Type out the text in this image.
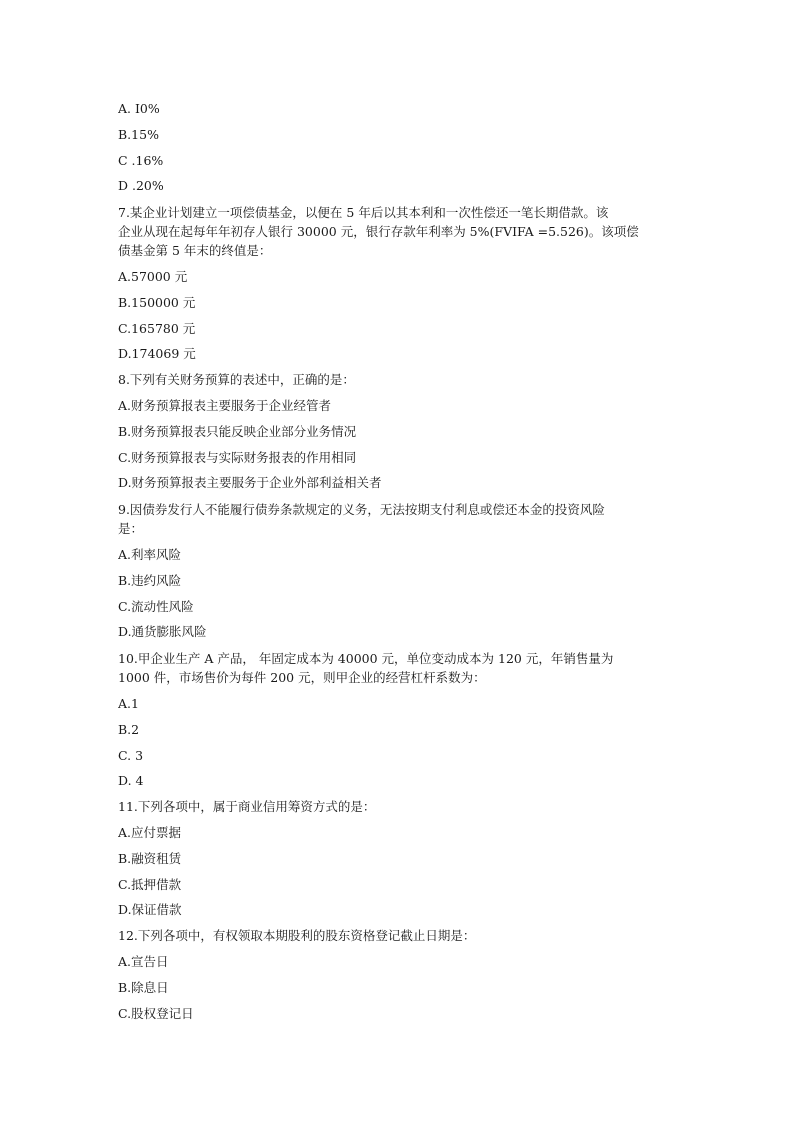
A. I0%
B.15%
C .16%
D .20%
7.某企业计划建立一项偿债基金，以便在 5 年后以其本利和一次性偿还一笔长期借款。该
企业从现在起每年年初存人银行 30000 元，银行存款年利率为 5%(FVIFA =5.526)。该项偿
债基金第 5 年末的终值是：
A.57000 元
B.150000 元
C.165780 元
D.174069 元
8.下列有关财务预算的表述中，正确的是：
A.财务预算报表主要服务于企业经管者
B.财务预算报表只能反映企业部分业务情况
C.财务预算报表与实际财务报表的作用相同
D.财务预算报表主要服务于企业外部利益相关者
9.因债券发行人不能履行债券条款规定的义务，无法按期支付利息或偿还本金的投资风险
是：
A.利率风险
B.违约风险
C.流动性风险
D.通货膨胀风险
10.甲企业生产 A 产品， 年固定成本为 40000 元，单位变动成本为 120 元，年销售量为
1000 件，市场售价为每件 200 元，则甲企业的经营杠杆系数为：
A.1
B.2
C. 3
D. 4
11.下列各项中，属于商业信用筹资方式的是：
A.应付票据
B.融资租赁
C.抵押借款
D.保证借款
12.下列各项中，有权领取本期股利的股东资格登记截止日期是：
A.宣告日
B.除息日
C.股权登记日
